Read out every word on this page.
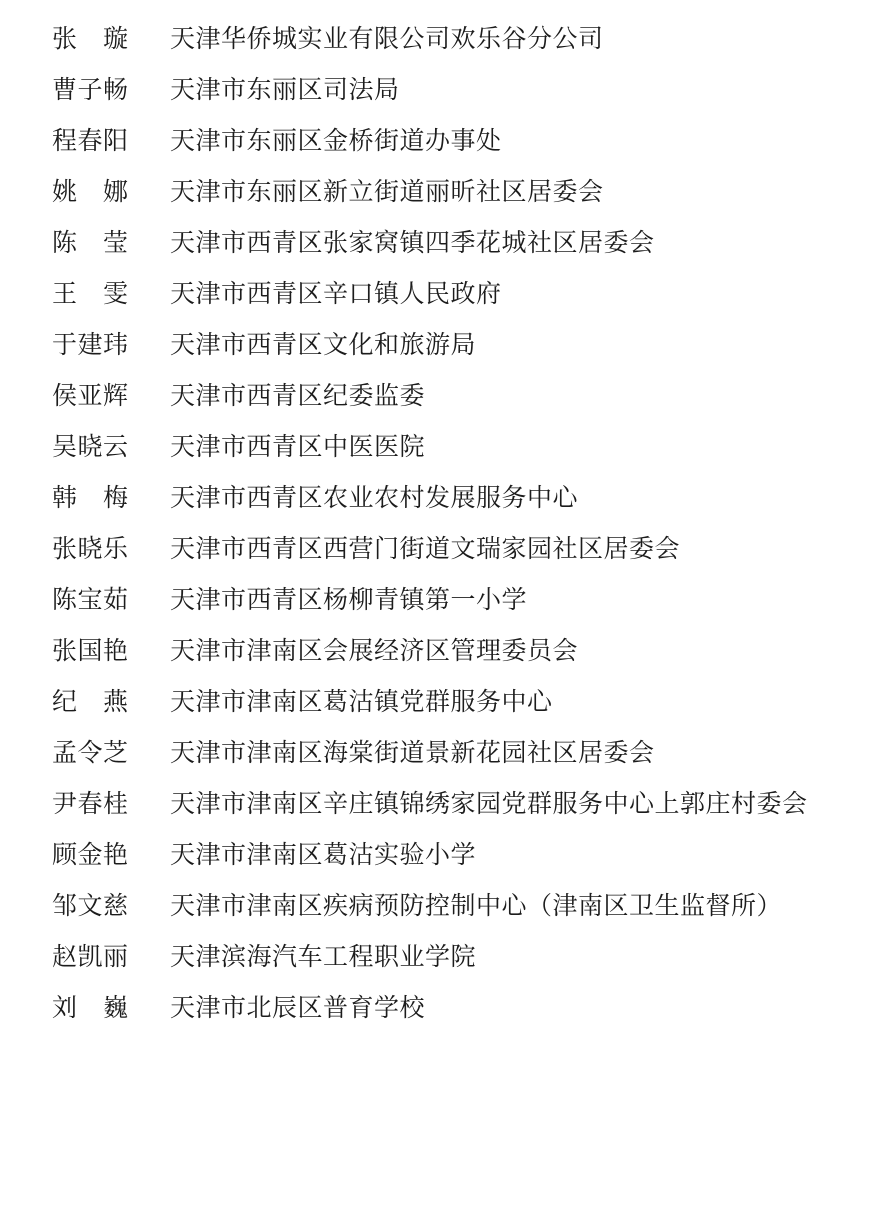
张　璇	天津华侨城实业有限公司欢乐谷分公司
曹子畅	天津市东丽区司法局
程春阳	天津市东丽区金桥街道办事处
姚　娜	天津市东丽区新立街道丽昕社区居委会
陈　莹	天津市西青区张家窝镇四季花城社区居委会
王　雯	天津市西青区辛口镇人民政府
于建玮	天津市西青区文化和旅游局
侯亚辉	天津市西青区纪委监委
吴晓云	天津市西青区中医医院
韩　梅	天津市西青区农业农村发展服务中心
张晓乐	天津市西青区西营门街道文瑞家园社区居委会
陈宝茹	天津市西青区杨柳青镇第一小学
张国艳	天津市津南区会展经济区管理委员会
纪　燕	天津市津南区葛沽镇党群服务中心
孟令芝	天津市津南区海棠街道景新花园社区居委会
尹春桂	天津市津南区辛庄镇锦绣家园党群服务中心上郭庄村委会
顾金艳	天津市津南区葛沽实验小学
邹文慈	天津市津南区疾病预防控制中心（津南区卫生监督所）
赵凯丽	天津滨海汽车工程职业学院
刘　巍	天津市北辰区普育学校
